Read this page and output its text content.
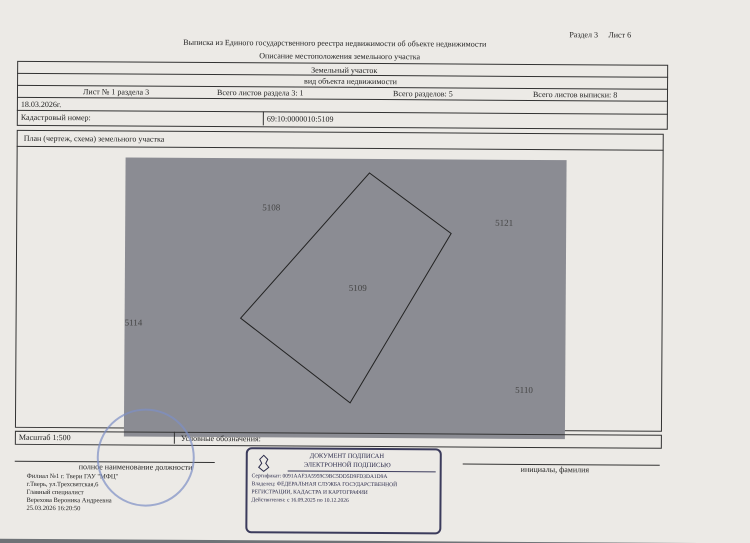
Раздел 3 Лист 6
Выписка из Единого государственного реестра недвижимости об объекте недвижимости
Описание местоположения земельного участка
Земельный участок
вид объекта недвижимости
Лист № 1 раздела 3	Всего листов раздела 3: 1	Всего разделов: 5	Всего листов выписки: 8
18.03.2026г.
Кадастровый номер:	69:10:0000010:5109
План (чертеж, схема) земельного участка
5109
5108
5121
5114
5110
Масштаб 1:500	Условные обозначения:
полное наименование должности	инициалы, фамилия
Филиал №1 г. Твери ГАУ "МФЦ"
г.Тверь, ул.Трехсвятская,6
Главный специалист
Верехова Вероника Андреевна
25.03.2026 16:20:50
ДОКУМЕНТ ПОДПИСАН
ЭЛЕКТРОННОЙ ПОДПИСЬЮ
Сертификат: 0091AAF3A5959C9BC5DD5D9FD3DA1D9A
Владелец: ФЕДЕРАЛЬНАЯ СЛУЖБА ГОСУДАРСТВЕННОЙ
РЕГИСТРАЦИИ, КАДАСТРА И КАРТОГРАФИИ
Действителен: с 16.09.2025 по 10.12.2026
